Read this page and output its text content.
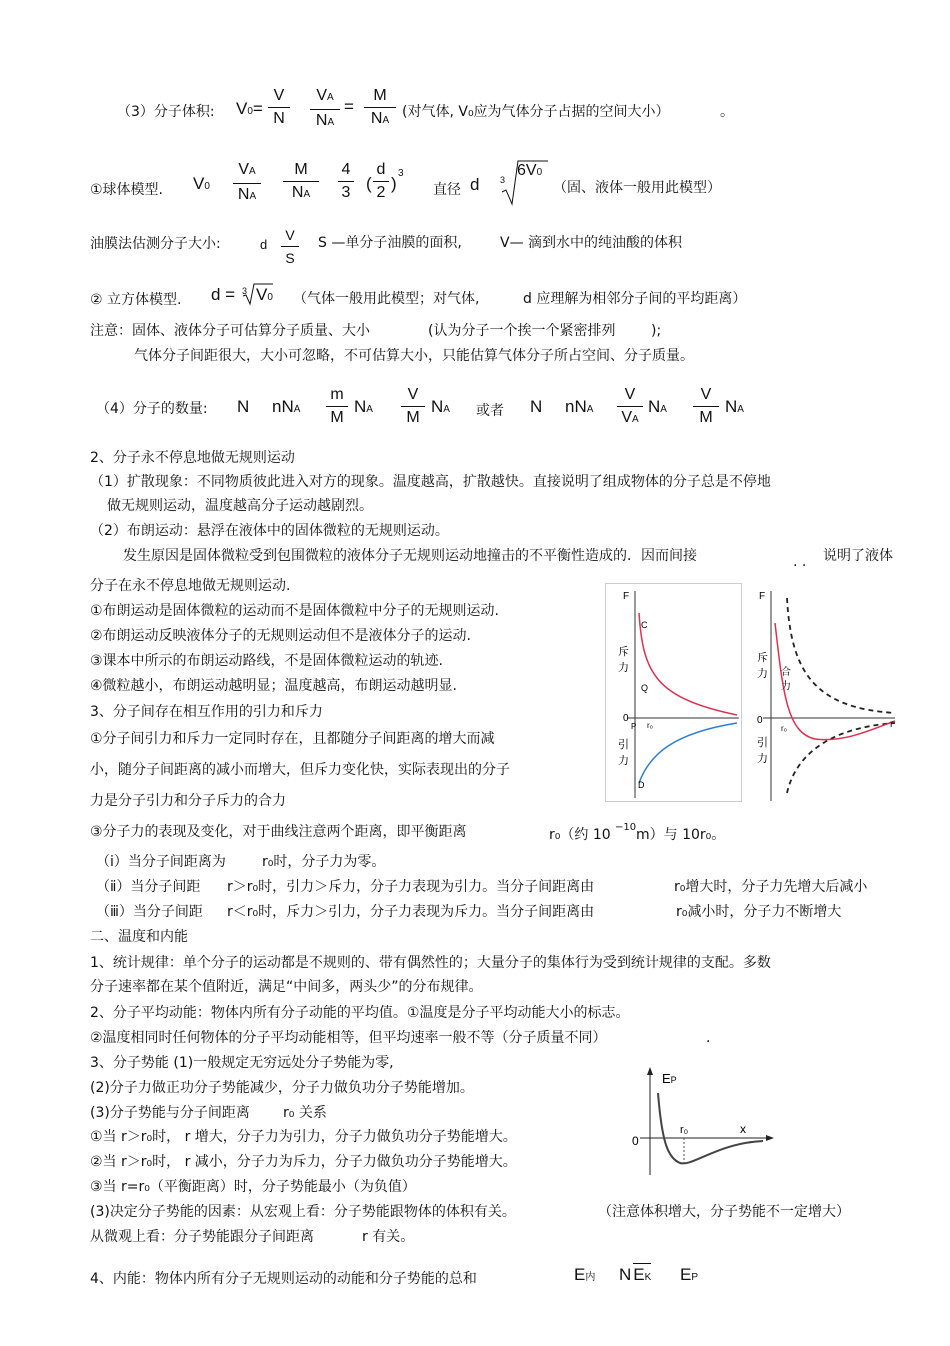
（3）分子体积: V0=
V
N
VA
NA
=
M
NA
(对气体, V₀应为气体分子占据的空间大小）	。
①球体模型. V0
VA
NA
M
NA
4
3 (
d
2 )
3
直径 d 3
6V0
（固、液体一般用此模型）
油膜法估测分子大小:	d
V
S
S —单分子油膜的面积,	V— 滴到水中的纯油酸的体积
② 立方体模型. d = 3 V0 （气体一般用此模型；对气体,	d 应理解为相邻分子间的平均距离）
注意：固体、液体分子可估算分子质量、大小	(认为分子一个挨一个紧密排列	);
气体分子间距很大，大小可忽略，不可估算大小，只能估算气体分子所占空间、分子质量。
（4）分子的数量: N nNA
m
M
NA
V
M
NA 或者 N nNA
V
VA
NA
V
M
NA
2、分子永不停息地做无规则运动
（1）扩散现象：不同物质彼此进入对方的现象。温度越高，扩散越快。直接说明了组成物体的分子总是不停地
做无规则运动，温度越高分子运动越剧烈。
（2）布朗运动：悬浮在液体中的固体微粒的无规则运动。
发生原因是固体微粒受到包围微粒的液体分子无规则运动地撞击的不平衡性造成的．因而间接	. . 说明了液体
分子在永不停息地做无规则运动.
①布朗运动是固体微粒的运动而不是固体微粒中分子的无规则运动.
②布朗运动反映液体分子的无规则运动但不是液体分子的运动.
③课本中所示的布朗运动路线，不是固体微粒运动的轨迹.
④微粒越小，布朗运动越明显；温度越高，布朗运动越明显.
3、分子间存在相互作用的引力和斥力
①分子间引力和斥力一定同时存在，且都随分子间距离的增大而减
小，随分子间距离的减小而增大，但斥力变化快，实际表现出的分子
力是分子引力和分子斥力的合力
③分子力的表现及变化，对于曲线注意两个距离，即平衡距离	r₀（约 10 −10 m）与 10r₀。
（ⅰ）当分子间距离为	r₀时，分子力为零。
（ⅱ）当分子间距 r＞r₀时，引力＞斥力，分子力表现为引力。当分子间距离由	r₀增大时，分子力先增大后减小
（ⅲ）当分子间距 r＜r₀时，斥力＞引力，分子力表现为斥力。当分子间距离由	r₀减小时，分子力不断增大
F
C
斥
力
Q
0
P r₀
引
力
D
F
斥
力 合
力
0
r₀
引
力
r
二、温度和内能
1、统计规律：单个分子的运动都是不规则的、带有偶然性的；大量分子的集体行为受到统计规律的支配。多数
分子速率都在某个值附近，满足“中间多，两头少”的分布规律。
2、分子平均动能：物体内所有分子动能的平均值。①温度是分子平均动能大小的标志。
②温度相同时任何物体的分子平均动能相等，但平均速率一般不等（分子质量不同）	.
3、分子势能 (1)一般规定无穷远处分子势能为零,
(2)分子力做正功分子势能减少，分子力做负功分子势能增加。
(3)分子势能与分子间距离 r₀ 关系
①当 r＞r₀时， r 增大，分子力为引力，分子力做负功分子势能增大。
②当 r＞r₀时， r 减小，分子力为斥力，分子力做负功分子势能增大。
③当 r=r₀（平衡距离）时，分子势能最小（为负值）
(3)决定分子势能的因素：从宏观上看：分子势能跟物体的体积有关。	（注意体积增大，分子势能不一定增大）
从微观上看：分子势能跟分子间距离	r 有关。
EP
0
r₀	x
4、内能：物体内所有分子无规则运动的动能和分子势能的总和	E内 N EK EP
